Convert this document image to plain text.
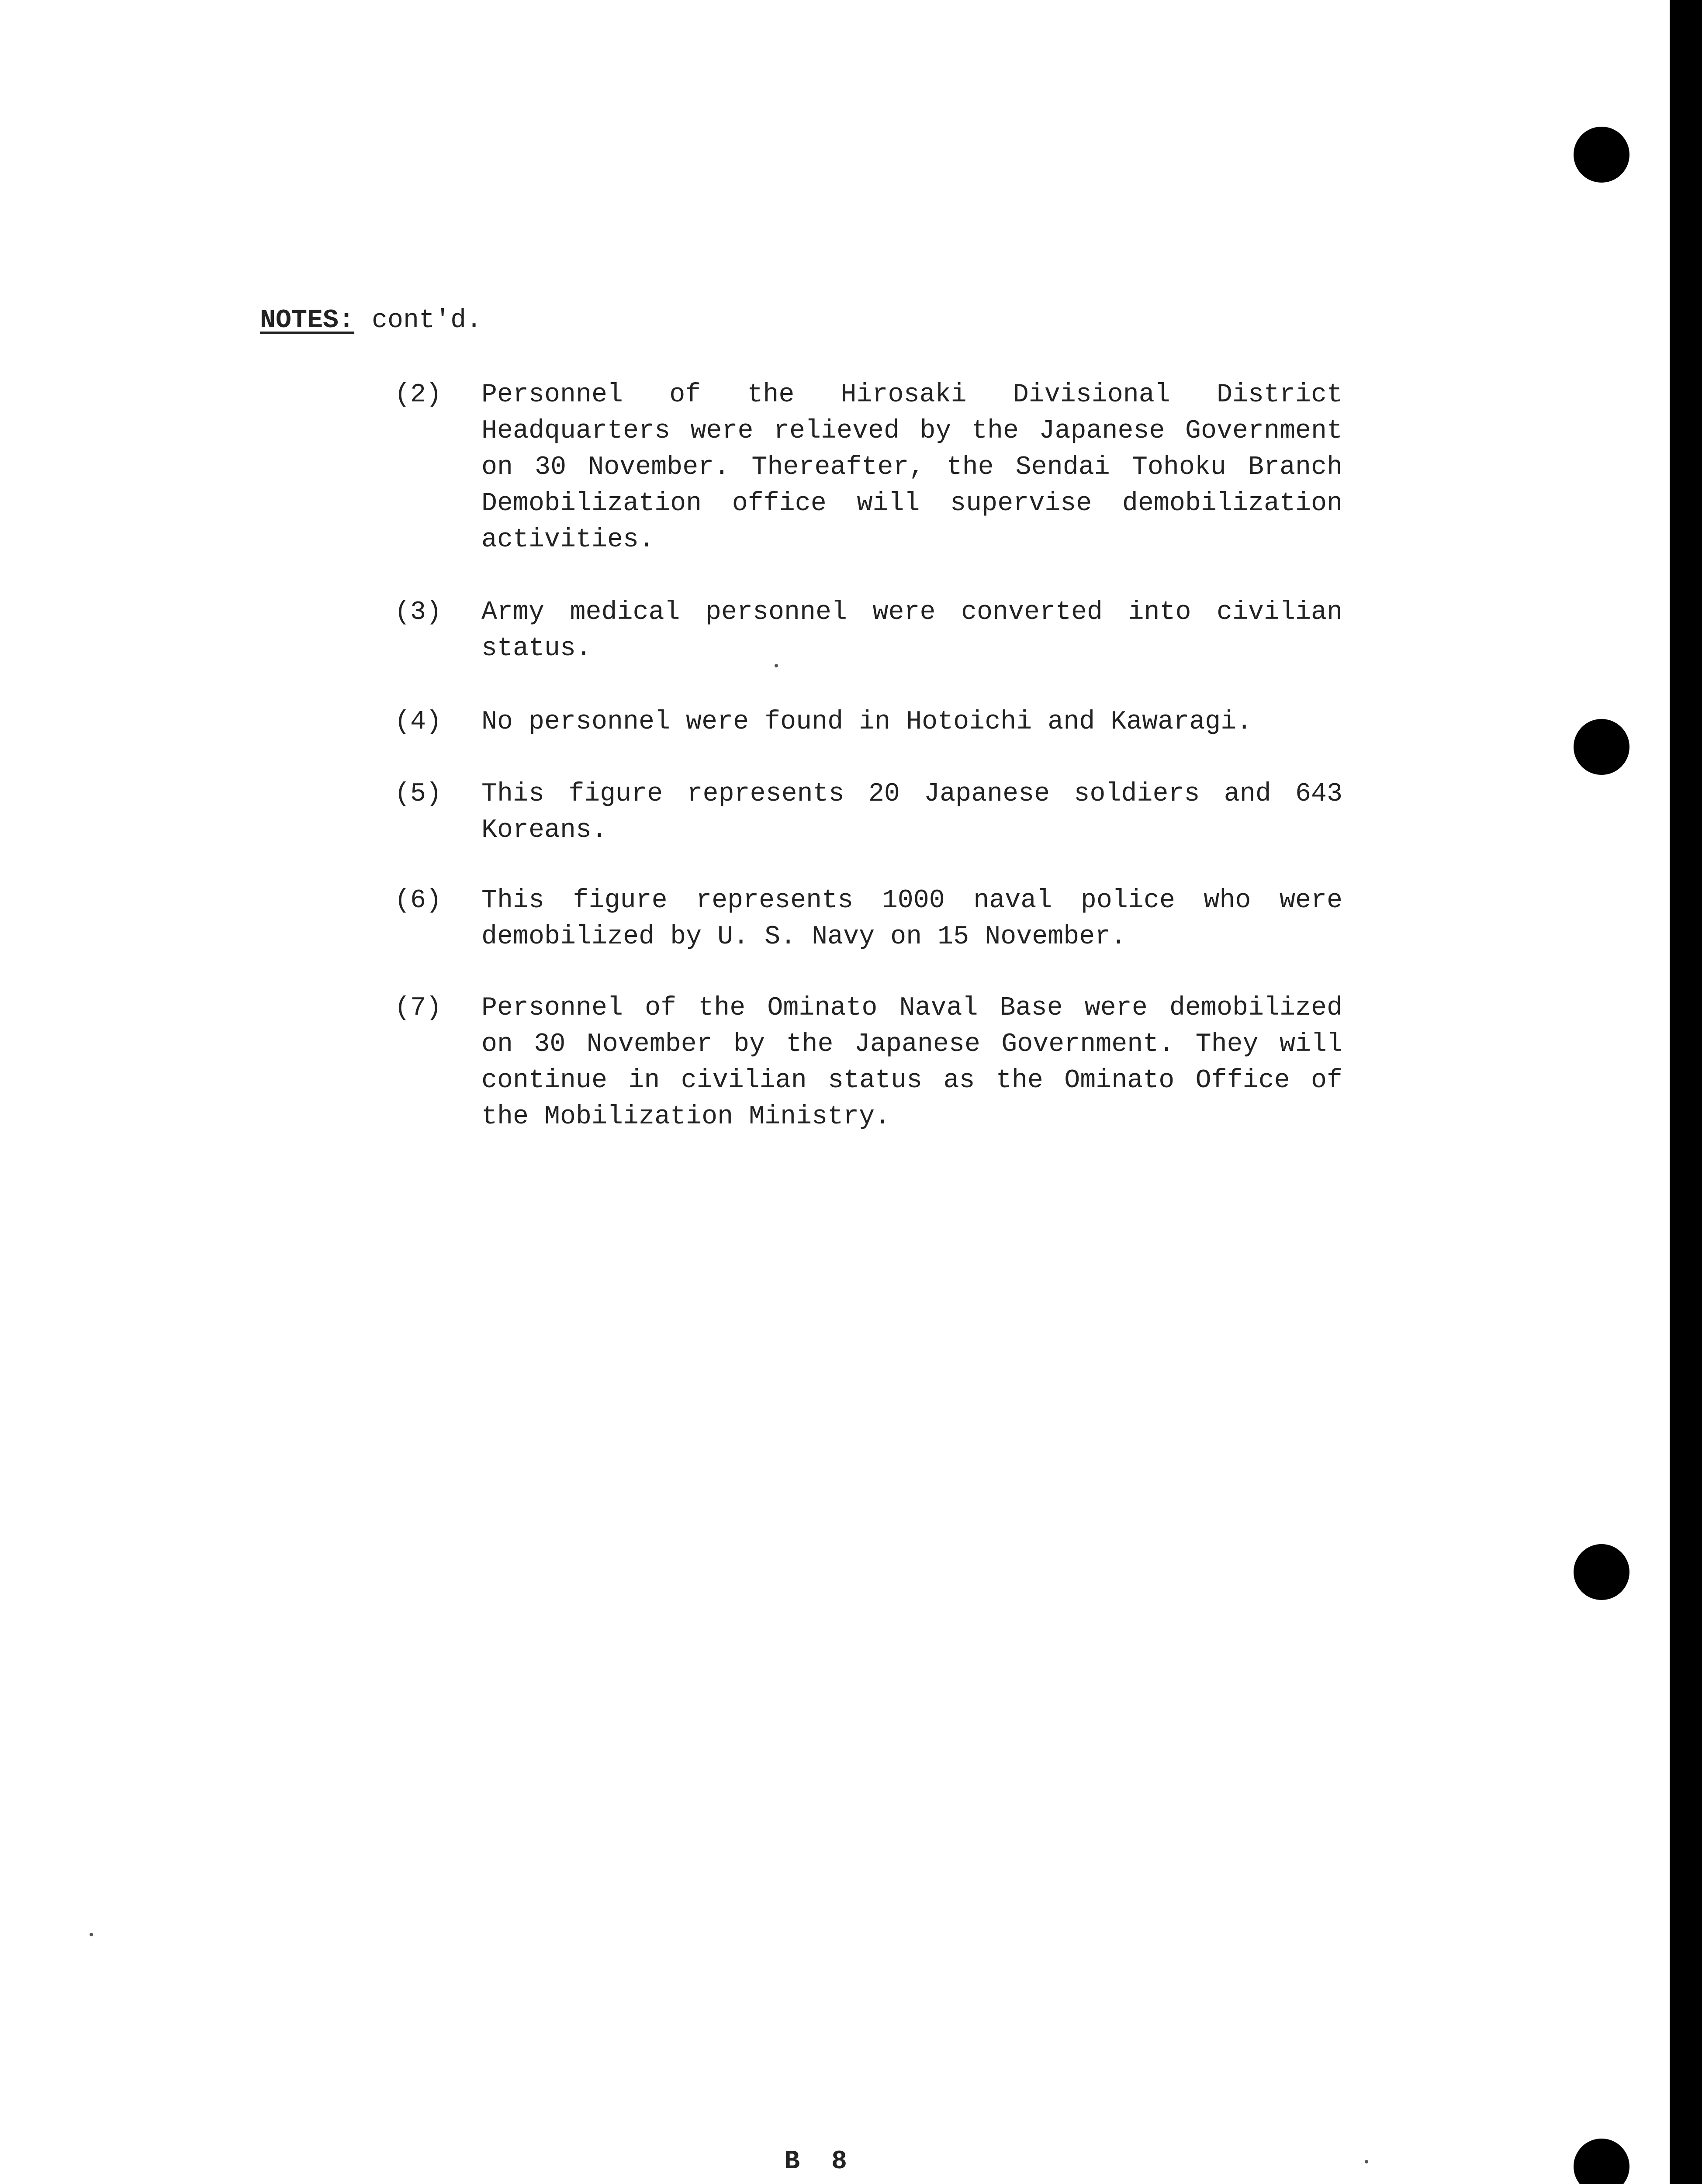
NOTES: cont'd.
(2)	Personnel of the Hirosaki Divisional District Headquarters were relieved by the Japanese Government on 30 November. Thereafter, the Sendai Tohoku Branch Demobilization office will supervise demobilization activities.
(3)	Army medical personnel were converted into civilian status.
(4)	No personnel were found in Hotoichi and Kawaragi.
(5)	This figure represents 20 Japanese soldiers and 643 Koreans.
(6)	This figure represents 1000 naval police who were demobilized by U. S. Navy on 15 November.
(7)	Personnel of the Ominato Naval Base were demobilized on 30 November by the Japanese Government. They will continue in civilian status as the Ominato Office of the Mobilization Ministry.
B 8
